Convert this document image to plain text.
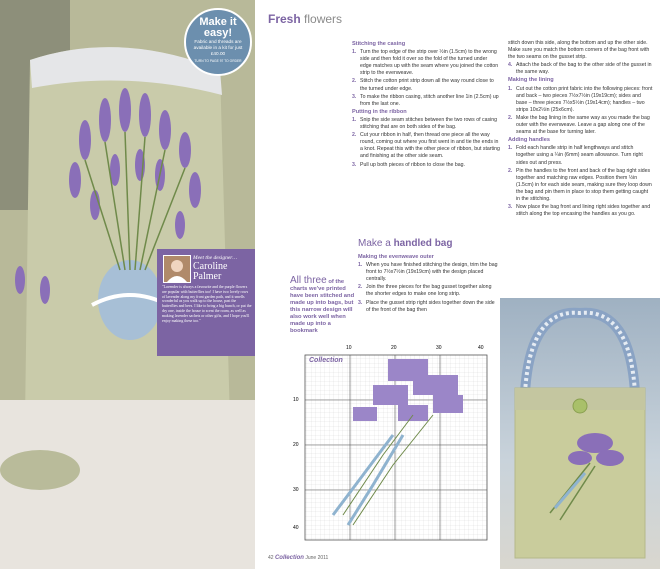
Make it easy!
Fabric and threads are available in a kit for just £40.00
TURN TO PAGE 97 TO ORDER
Meet the designer…
Caroline Palmer
"Lavender is always a favourite and the purple flowers are popular with butterflies too! I have two lovely rows of lavender along my front garden path, and it smells wonderful as you walk up to the house, past the butterflies and bees. I like to bring a big bunch, or put the dry one, inside the house to scent the room, as well as making lavender sachets or other gifts, and I hope you'll enjoy making these too."
Fresh flowers
Stitching the casing
1. Turn the top edge of the strip over ½in (1.5cm) to the wrong side and then fold it over so the fold of the turned under edge matches up with the seam where you joined the cotton strip to the evenweave.
2. Stitch the cotton print strip down all the way round close to the turned under edge.
3. To make the ribbon casing, stitch another line 1in (2.5cm) up from the last one.
Putting in the ribbon
1. Snip the side seam stitches between the two rows of casing stitching that are on both sides of the bag.
2. Cut your ribbon in half, then thread one piece all the way round, coming out where you first went in and tie the ends in a knot. Repeat this with the other piece of ribbon, but starting and finishing at the other side seam.
3. Pull up both pieces of ribbon to close the bag.

stitch down this side, along the bottom and up the other side. Make sure you match the bottom corners of the bag front with the two seams on the gusset strip.

4. Attach the back of the bag to the other side of the gusset in the same way.
Making the lining
1. Cut out the cotton print fabric into the following pieces: front and back – two pieces 7½x7½in (19x19cm); sides and base – three pieces 7½x5½in (19x14cm); handles – two strips 10x2½in (25x6cm).
2. Make the bag lining in the same way as you made the bag outer with the evenweave. Leave a gap along one of the seams at the base for turning later.
Adding handles
1. Fold each handle strip in half lengthways and stitch together using a ¼in (6mm) seam allowance. Turn right sides out and press.
2. Pin the handles to the front and back of the bag right sides together and matching raw edges. Position them ½in (1.5cm) in for each side seam, making sure they loop down the bag and pin them in place to stop them getting caught in the stitching.
3. Now place the bag front and lining right sides together and stitch along the top encasing the handles as you go.
Make a handled bag
Making the evenweave outer
1. When you have finished stitching the design, trim the bag front to 7½x7½in (19x19cm) with the design placed centrally.
2. Join the three pieces for the bag gusset together along the shorter edges to make one long strip.
3. Place the gusset strip right sides together down the side of the front of the bag then
All three of the charts we've printed have been stitched and made up into bags, but this narrow design will also work well when made up into a bookmark
Collection
10	20	30	40
10
20
30
40
42 Collection June 2011
